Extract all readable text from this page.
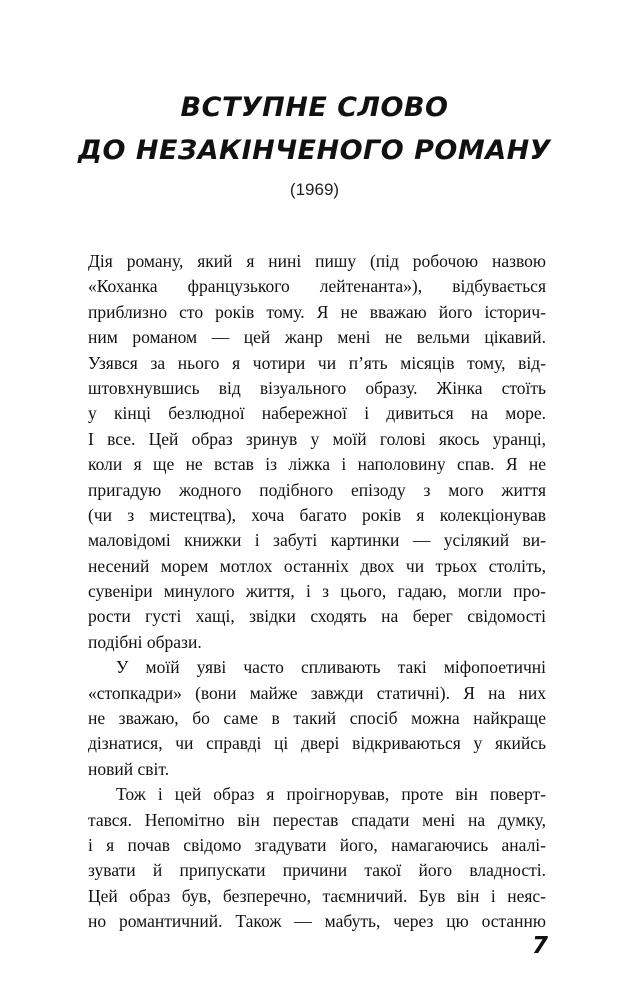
ВСТУПНЕ СЛОВО
ДО НЕЗАКІНЧЕНОГО РОМАНУ
(1969)
Дія роману, який я нині пишу (під робочою назвою
«Коханка французького лейтенанта»), відбувається
приблизно сто років тому. Я не вважаю його історич-
ним романом — цей жанр мені не вельми цікавий.
Узявся за нього я чотири чи п’ять місяців тому, від-
штовхнувшись від візуального образу. Жінка стоїть
у кінці безлюдної набережної і дивиться на море.
І все. Цей образ зринув у моїй голові якось уранці,
коли я ще не встав із ліжка і наполовину спав. Я не
пригадую жодного подібного епізоду з мого життя
(чи з мистецтва), хоча багато років я колекціонував
маловідомі книжки і забуті картинки — усілякий ви-
несений морем мотлох останніх двох чи трьох століть,
сувеніри минулого життя, і з цього, гадаю, могли про-
рости густі хащі, звідки сходять на берег свідомості
подібні образи.
У моїй уяві часто спливають такі міфопоетичні
«стопкадри» (вони майже завжди статичні). Я на них
не зважаю, бо саме в такий спосіб можна найкраще
дізнатися, чи справді ці двері відкриваються у якийсь
новий світ.
Тож і цей образ я проігнорував, проте він поверт-
тався. Непомітно він перестав спадати мені на думку,
і я почав свідомо згадувати його, намагаючись аналі-
зувати й припускати причини такої його владності.
Цей образ був, безперечно, таємничий. Був він і неяс-
но романтичний. Також — мабуть, через цю останню
7
